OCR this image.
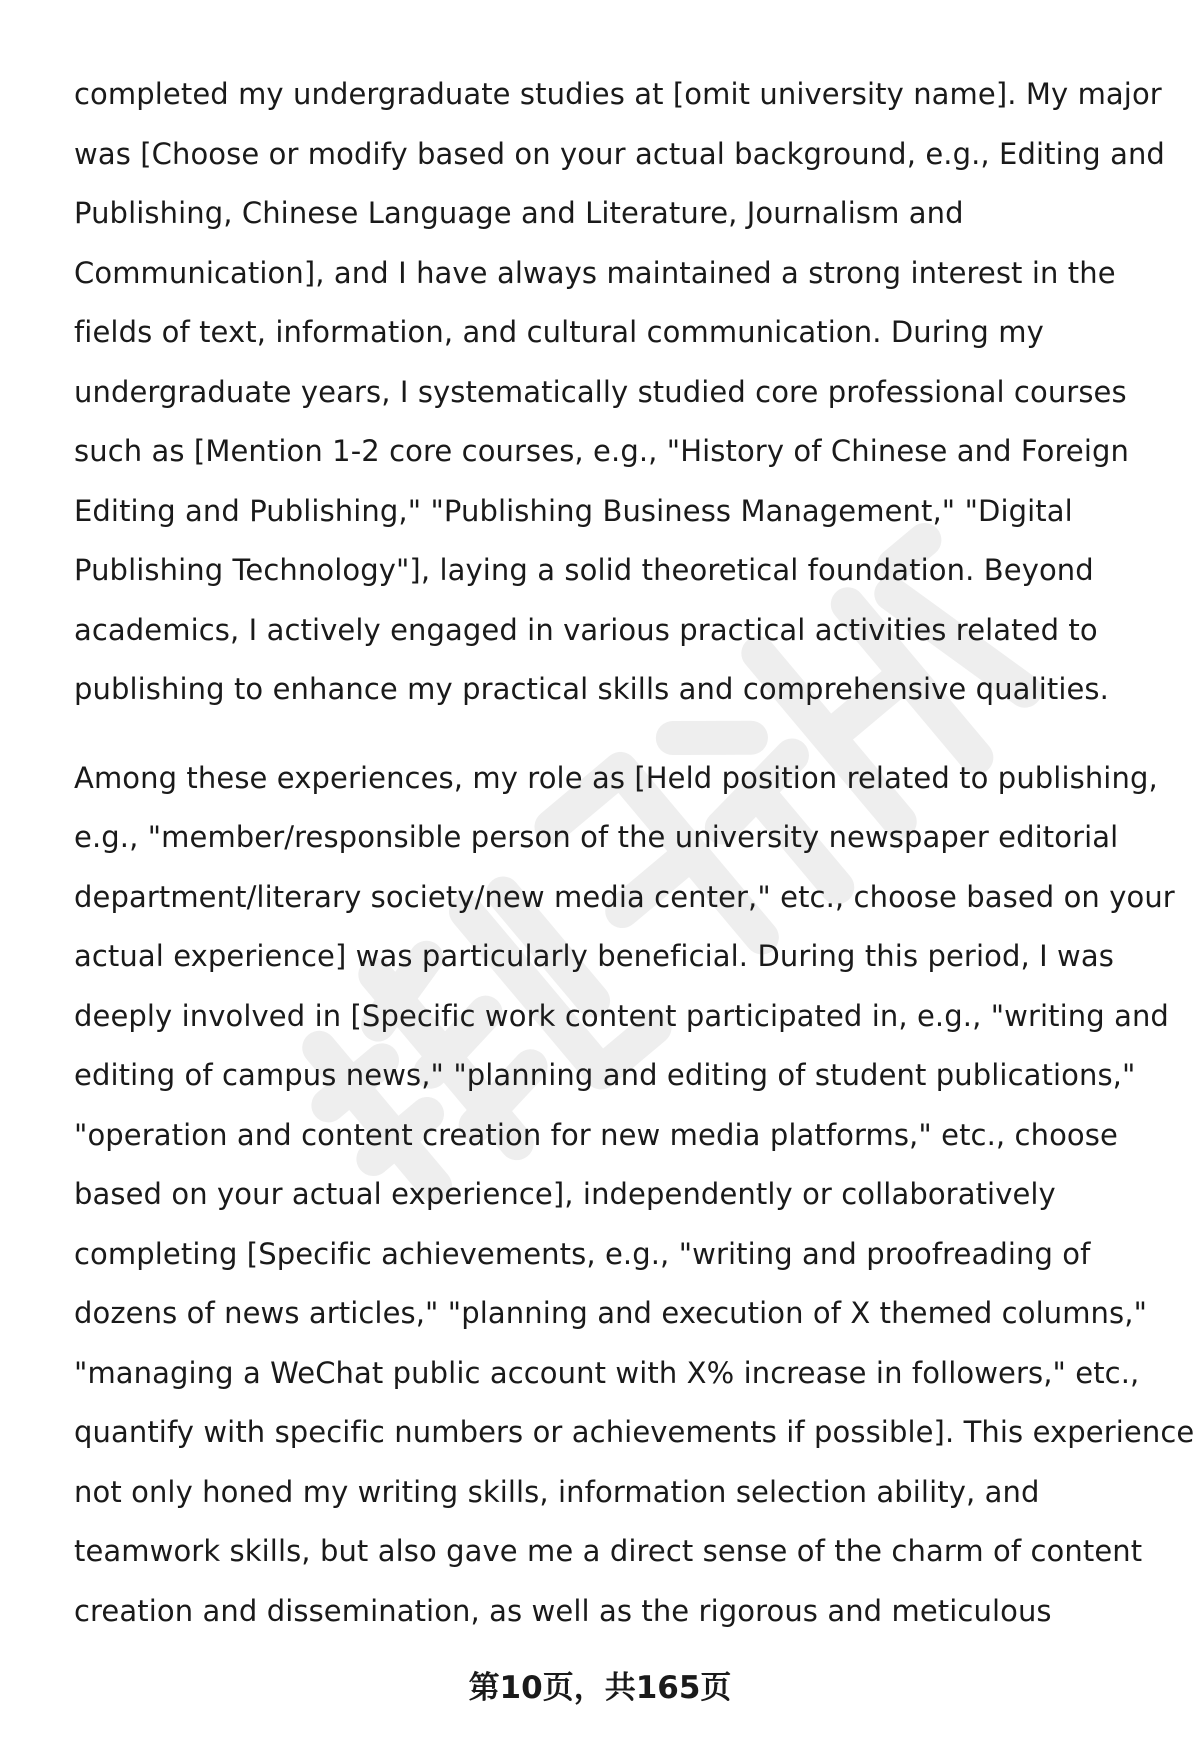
completed my undergraduate studies at [omit university name]. My major
was [Choose or modify based on your actual background, e.g., Editing and
Publishing, Chinese Language and Literature, Journalism and
Communication], and I have always maintained a strong interest in the
fields of text, information, and cultural communication. During my
undergraduate years, I systematically studied core professional courses
such as [Mention 1-2 core courses, e.g., "History of Chinese and Foreign
Editing and Publishing," "Publishing Business Management," "Digital
Publishing Technology"], laying a solid theoretical foundation. Beyond
academics, I actively engaged in various practical activities related to
publishing to enhance my practical skills and comprehensive qualities.

Among these experiences, my role as [Held position related to publishing,
e.g., "member/responsible person of the university newspaper editorial
department/literary society/new media center," etc., choose based on your
actual experience] was particularly beneficial. During this period, I was
deeply involved in [Specific work content participated in, e.g., "writing and
editing of campus news," "planning and editing of student publications,"
"operation and content creation for new media platforms," etc., choose
based on your actual experience], independently or collaboratively
completing [Specific achievements, e.g., "writing and proofreading of
dozens of news articles," "planning and execution of X themed columns,"
"managing a WeChat public account with X% increase in followers," etc.,
quantify with specific numbers or achievements if possible]. This experience
not only honed my writing skills, information selection ability, and
teamwork skills, but also gave me a direct sense of the charm of content
creation and dissemination, as well as the rigorous and meticulous

第10页，共165页
